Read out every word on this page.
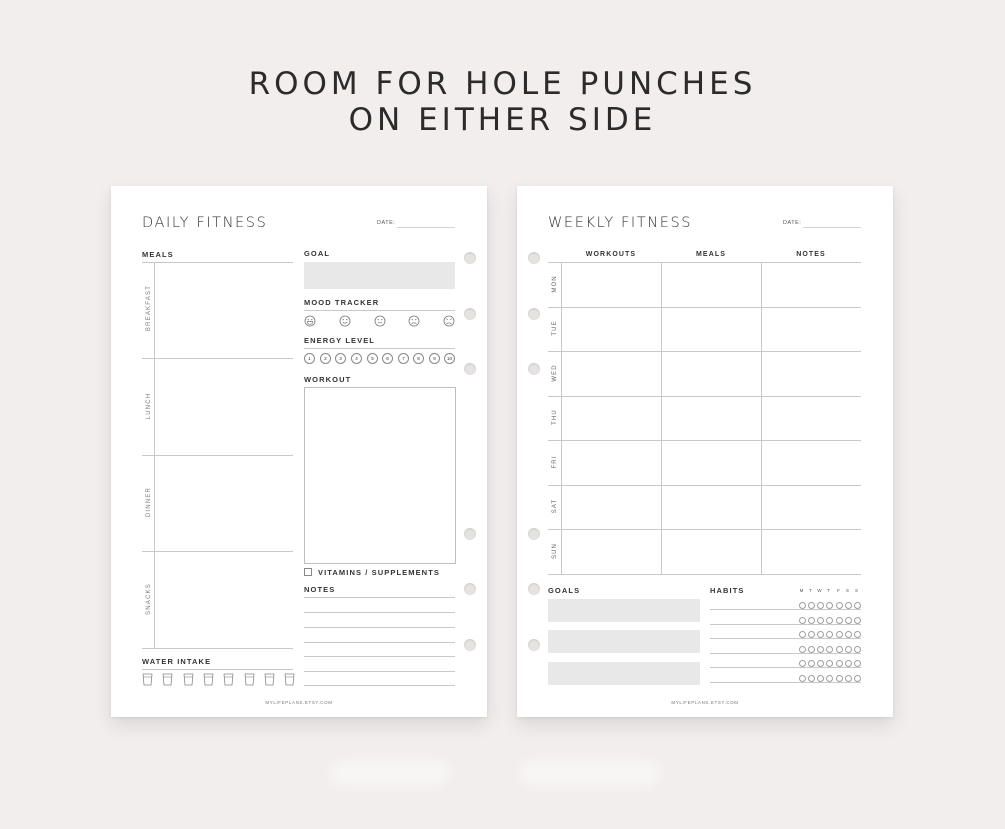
ROOM FOR HOLE PUNCHES
ON EITHER SIDE
DAILY FITNESS	DATE:
MEALS
BREAKFAST
LUNCH
DINNER
SNACKS
GOAL
MOOD TRACKER
ENERGY LEVEL
1	2	3	4	5	6	7	8	9	10
WORKOUT
VITAMINS / SUPPLEMENTS
NOTES
WATER INTAKE
MYLIFEPLANS.ETSY.COM
WEEKLY FITNESS	DATE:
WORKOUTS	MEALS	NOTES
MON
TUE
WED
THU
FRI
SAT
SUN
GOALS	HABITS	M	T	W	T	F	S	S
MYLIFEPLANS.ETSY.COM
